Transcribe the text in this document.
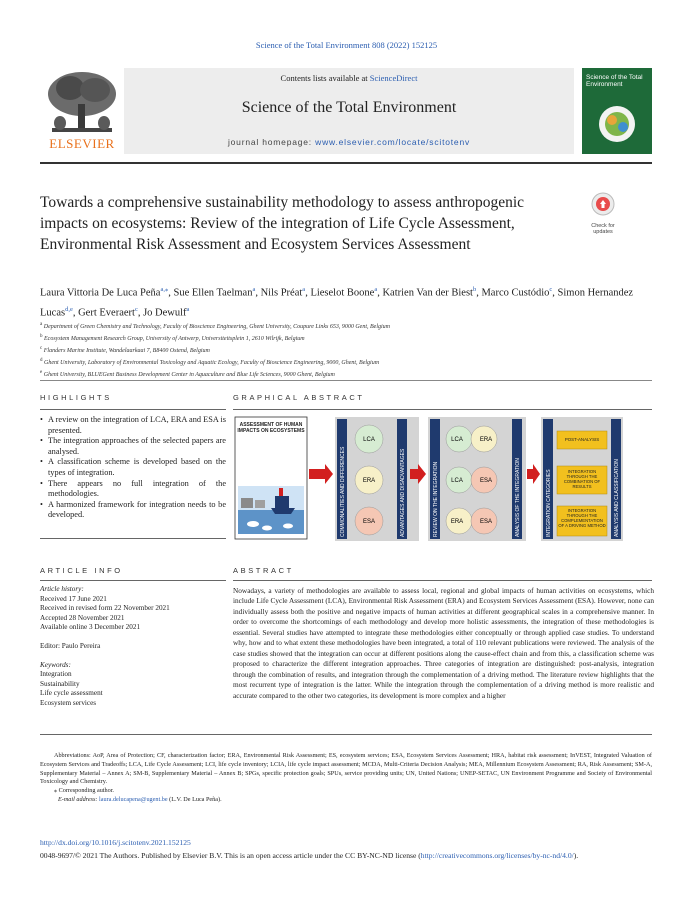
Science of the Total Environment 808 (2022) 152125
ELSEVIER
Contents lists available at ScienceDirect
Science of the Total Environment
journal homepage: www.elsevier.com/locate/scitotenv
Science of the Total Environment
Towards a comprehensive sustainability methodology to assess anthropogenic impacts on ecosystems: Review of the integration of Life Cycle Assessment, Environmental Risk Assessment and Ecosystem Services Assessment
Check for updates
Laura Vittoria De Luca Peña$^{a,⁎}$, Sue Ellen Taelman$^a$, Nils Préat$^a$, Lieselot Boone$^a$, Katrien Van der Biest$^b$, Marco Custódio$^c$, Simon Hernandez Lucas$^{d,e}$, Gert Everaert$^c$, Jo Dewulf$^a$
$^a$ Department of Green Chemistry and Technology, Faculty of Bioscience Engineering, Ghent University, Coupure Links 653, 9000 Gent, Belgium
$^b$ Ecosystem Management Research Group, University of Antwerp, Universiteitsplein 1, 2610 Wilrijk, Belgium
$^c$ Flanders Marine Institute, Wandelaarkaai 7, B8400 Ostend, Belgium
$^d$ Ghent University, Laboratory of Environmental Toxicology and Aquatic Ecology, Faculty of Bioscience Engineering, 9000, Ghent, Belgium
$^e$ Ghent University, BLUEGent Business Development Center in Aquaculture and Blue Life Sciences, 9000 Ghent, Belgium
HIGHLIGHTS
• A review on the integration of LCA, ERA and ESA is presented.
• The integration approaches of the selected papers are analysed.
• A classification scheme is developed based on the types of integration.
• There appears no full integration of the methodologies.
• A harmonized framework for integration needs to be developed.
GRAPHICAL ABSTRACT
ASSESSMENT OF HUMAN IMPACTS ON ECOSYSTEMS
COMMONALITIES AND DIFFERENCES
LCA
ERA
ESA	ADVANTAGES AND DISADVANTAGES	REVIEW ON THE INTEGRATION
LCA	ERA
LCA	ESA
ERA	ESA	ANALYSIS OF THE INTEGRATION	INTEGRATION CATEGORIES
POST-ANALYSIS
INTEGRATION THROUGH THE COMBINATION OF RESULTS
INTEGRATION THROUGH THE COMPLEMENTATION OF A DRIVING METHOD ANALYSIS AND CLASSIFICATION
ARTICLE INFO
Article history:
Received 17 June 2021
Received in revised form 22 November 2021
Accepted 28 November 2021
Available online 3 December 2021
Editor: Paulo Pereira
Keywords:
Integration
Sustainability
Life cycle assessment
Ecosystem services
ABSTRACT
Nowadays, a variety of methodologies are available to assess local, regional and global impacts of human activities on ecosystems, which include Life Cycle Assessment (LCA), Environmental Risk Assessment (ERA) and Ecosystem Services Assessment (ESA). However, none can individually assess both the positive and negative impacts of human activities at different geographical scales in a comprehensive manner. In order to overcome the shortcomings of each methodology and develop more holistic assessments, the integration of these methodologies is essential. Several studies have attempted to integrate these methodologies either conceptually or through applied case studies. To understand why, how and to what extent these methodologies have been integrated, a total of 110 relevant publications were reviewed. The analysis of the case studies showed that the integration can occur at different positions along the cause-effect chain and from this, a classification scheme was proposed to characterize the different integration approaches. Three categories of integration are distinguished: post-analysis, integration through the combination of results, and integration through the complementation of a driving method. The literature review highlights that the most recurrent type of integration is the latter. While the integration through the complementation of a driving method is more realistic and accurate compared to the other two categories, its development is more complex and a higher
Abbreviations: AoP, Area of Protection; CF, characterization factor; ERA, Environmental Risk Assessment; ES, ecosystem services; ESA, Ecosystem Services Assessment; HRA, habitat risk assessment; InVEST, Integrated Valuation of Ecosystem Services and Tradeoffs; LCA, Life Cycle Assessment; LCI, life cycle inventory; LCIA, life cycle impact assessment; MCDA, Multi-Criteria Decision Analysis; MEA, Millennium Ecosystem Assessment; RA, Risk Assessment; SM-A, Supplementary Material – Annex A; SM-B, Supplementary Material – Annex B; SPGs, specific protection goals; SPUs, service providing units; UN, United Nations; UNEP-SETAC, UN Environment Programme and Society of Environmental Toxicology and Chemistry.
⁎ Corresponding author.
E-mail address: laura.delucapena@ugent.be (L.V. De Luca Peña).
http://dx.doi.org/10.1016/j.scitotenv.2021.152125
0048-9697/© 2021 The Authors. Published by Elsevier B.V. This is an open access article under the CC BY-NC-ND license (http://creativecommons.org/licenses/by-nc-nd/4.0/).
